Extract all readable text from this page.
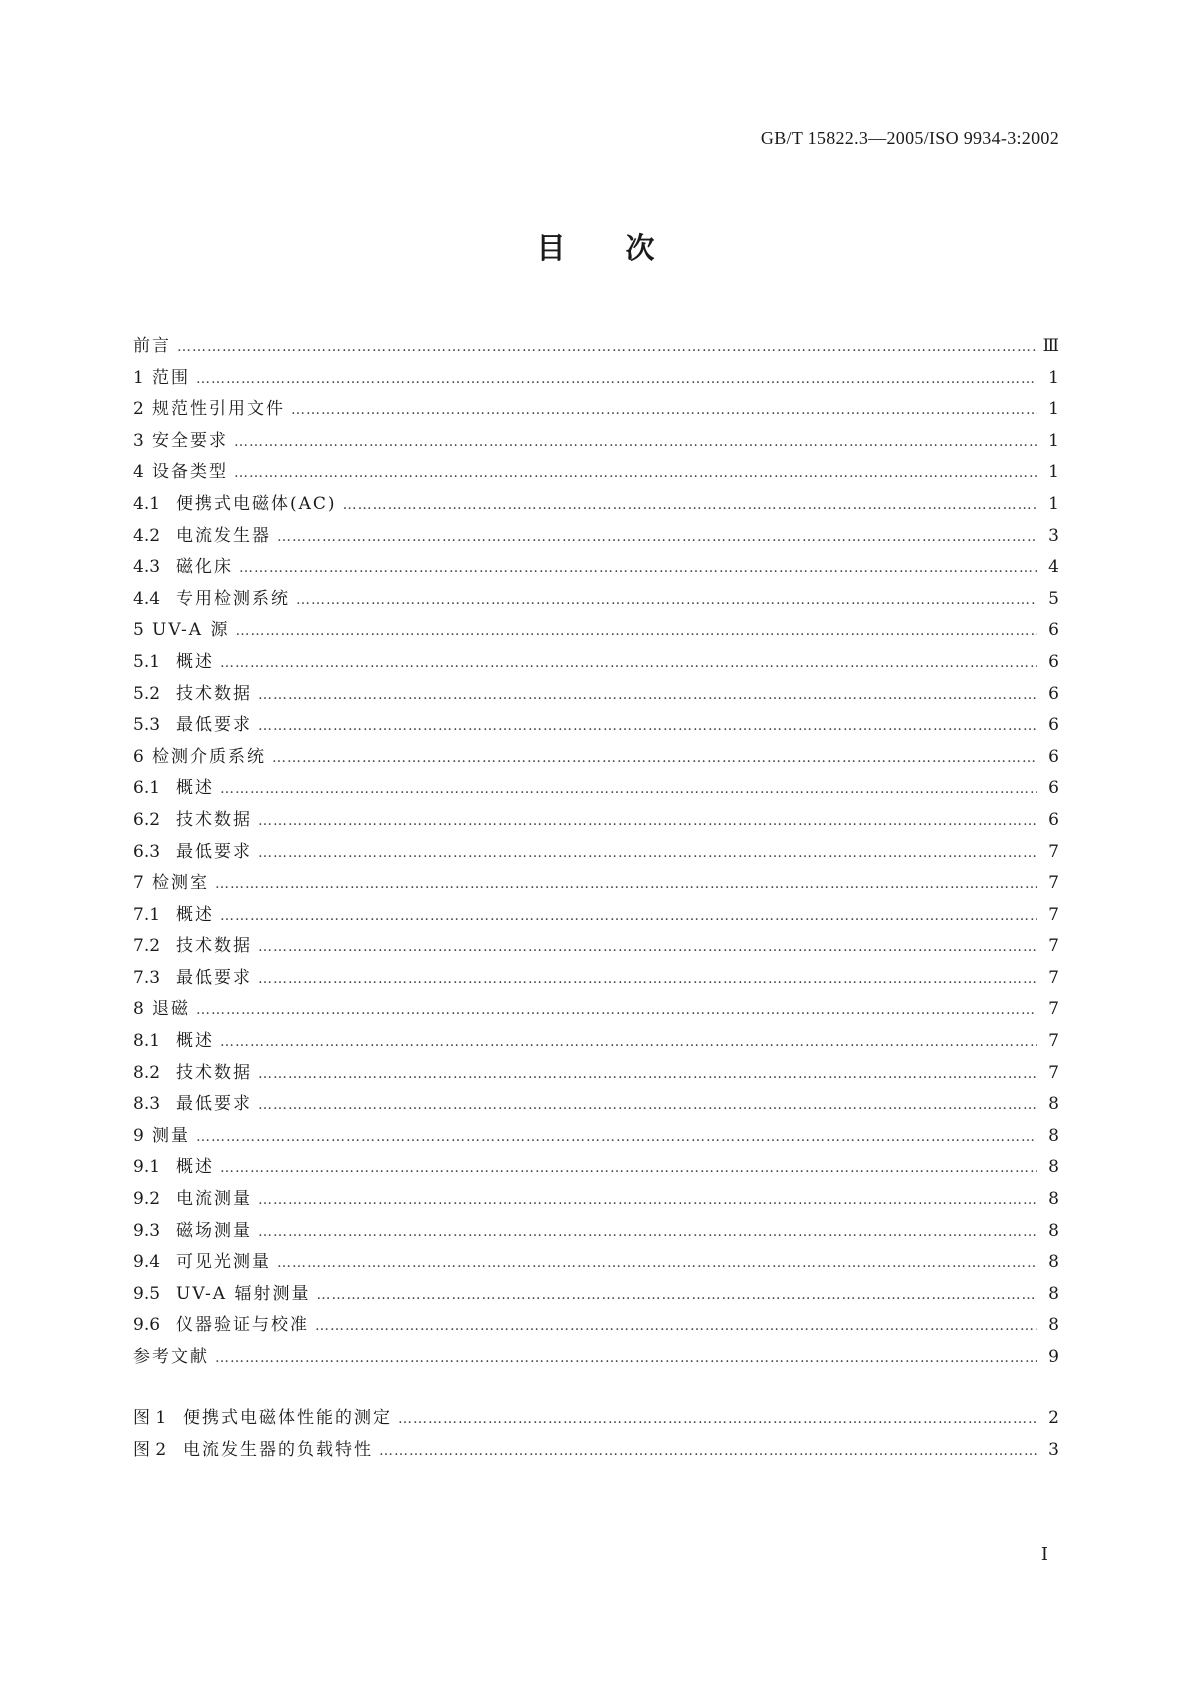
GB/T 15822.3—2005/ISO 9934-3:2002
目次
前言 …………………………………………………………………………………………………………………………………………………………………………	Ⅲ
1 范围 …………………………………………………………………………………………………………………………………………………………………………	1
2 规范性引用文件 …………………………………………………………………………………………………………………………………………………………………………	1
3 安全要求 …………………………………………………………………………………………………………………………………………………………………………	1
4 设备类型 …………………………………………………………………………………………………………………………………………………………………………	1
4.1 便携式电磁体(AC) …………………………………………………………………………………………………………………………………………………………………………	1
4.2 电流发生器 …………………………………………………………………………………………………………………………………………………………………………	3
4.3 磁化床 …………………………………………………………………………………………………………………………………………………………………………	4
4.4 专用检测系统 …………………………………………………………………………………………………………………………………………………………………………	5
5 UV-A 源 …………………………………………………………………………………………………………………………………………………………………………	6
5.1 概述 …………………………………………………………………………………………………………………………………………………………………………	6
5.2 技术数据 …………………………………………………………………………………………………………………………………………………………………………	6
5.3 最低要求 …………………………………………………………………………………………………………………………………………………………………………	6
6 检测介质系统 …………………………………………………………………………………………………………………………………………………………………………	6
6.1 概述 …………………………………………………………………………………………………………………………………………………………………………	6
6.2 技术数据 …………………………………………………………………………………………………………………………………………………………………………	6
6.3 最低要求 …………………………………………………………………………………………………………………………………………………………………………	7
7 检测室 …………………………………………………………………………………………………………………………………………………………………………	7
7.1 概述 …………………………………………………………………………………………………………………………………………………………………………	7
7.2 技术数据 …………………………………………………………………………………………………………………………………………………………………………	7
7.3 最低要求 …………………………………………………………………………………………………………………………………………………………………………	7
8 退磁 …………………………………………………………………………………………………………………………………………………………………………	7
8.1 概述 …………………………………………………………………………………………………………………………………………………………………………	7
8.2 技术数据 …………………………………………………………………………………………………………………………………………………………………………	7
8.3 最低要求 …………………………………………………………………………………………………………………………………………………………………………	8
9 测量 …………………………………………………………………………………………………………………………………………………………………………	8
9.1 概述 …………………………………………………………………………………………………………………………………………………………………………	8
9.2 电流测量 …………………………………………………………………………………………………………………………………………………………………………	8
9.3 磁场测量 …………………………………………………………………………………………………………………………………………………………………………	8
9.4 可见光测量 …………………………………………………………………………………………………………………………………………………………………………	8
9.5 UV-A 辐射测量 …………………………………………………………………………………………………………………………………………………………………………	8
9.6 仪器验证与校准 …………………………………………………………………………………………………………………………………………………………………………	8
参考文献 …………………………………………………………………………………………………………………………………………………………………………	9
图 1 便携式电磁体性能的测定 …………………………………………………………………………………………………………………………………………………………………………	2
图 2 电流发生器的负载特性 …………………………………………………………………………………………………………………………………………………………………………	3
I
